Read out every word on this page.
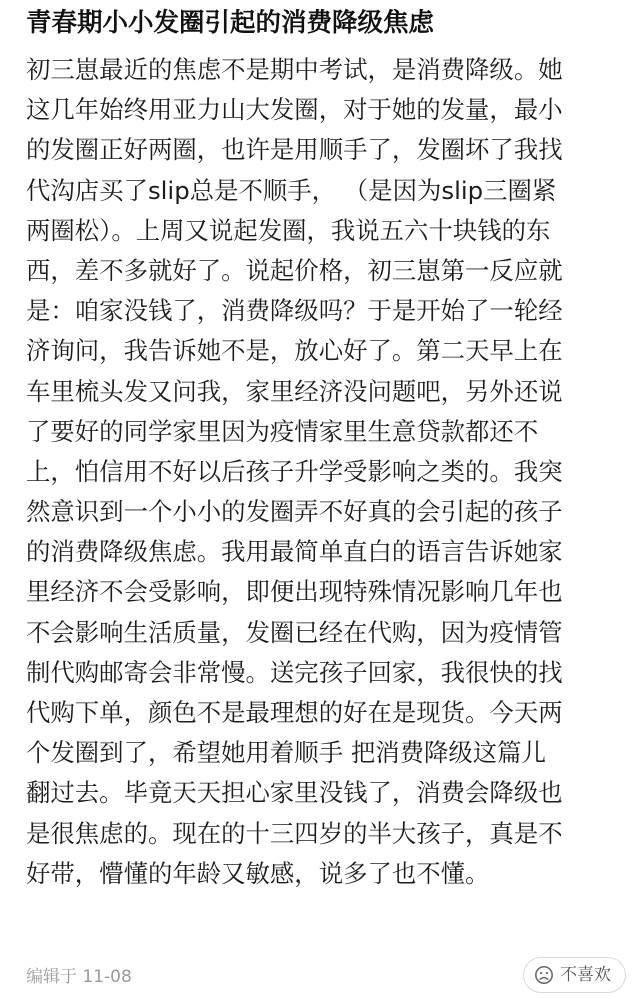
青春期小小发圈引起的消费降级焦虑
初三崽最近的焦虑不是期中考试，是消费降级。她
这几年始终用亚力山大发圈，对于她的发量，最小
的发圈正好两圈，也许是用顺手了，发圈坏了我找
代沟店买了slip总是不顺手， （是因为slip三圈紧
两圈松）。上周又说起发圈，我说五六十块钱的东
西，差不多就好了。说起价格，初三崽第一反应就
是：咱家没钱了，消费降级吗？于是开始了一轮经
济询问，我告诉她不是，放心好了。第二天早上在
车里梳头发又问我，家里经济没问题吧，另外还说
了要好的同学家里因为疫情家里生意贷款都还不
上，怕信用不好以后孩子升学受影响之类的。我突
然意识到一个小小的发圈弄不好真的会引起的孩子
的消费降级焦虑。我用最简单直白的语言告诉她家
里经济不会受影响，即便出现特殊情况影响几年也
不会影响生活质量，发圈已经在代购，因为疫情管
制代购邮寄会非常慢。送完孩子回家，我很快的找
代购下单，颜色不是最理想的好在是现货。今天两
个发圈到了，希望她用着顺手 把消费降级这篇儿
翻过去。毕竟天天担心家里没钱了，消费会降级也
是很焦虑的。现在的十三四岁的半大孩子，真是不
好带，懵懂的年龄又敏感，说多了也不懂。
编辑于 11-08	不喜欢
